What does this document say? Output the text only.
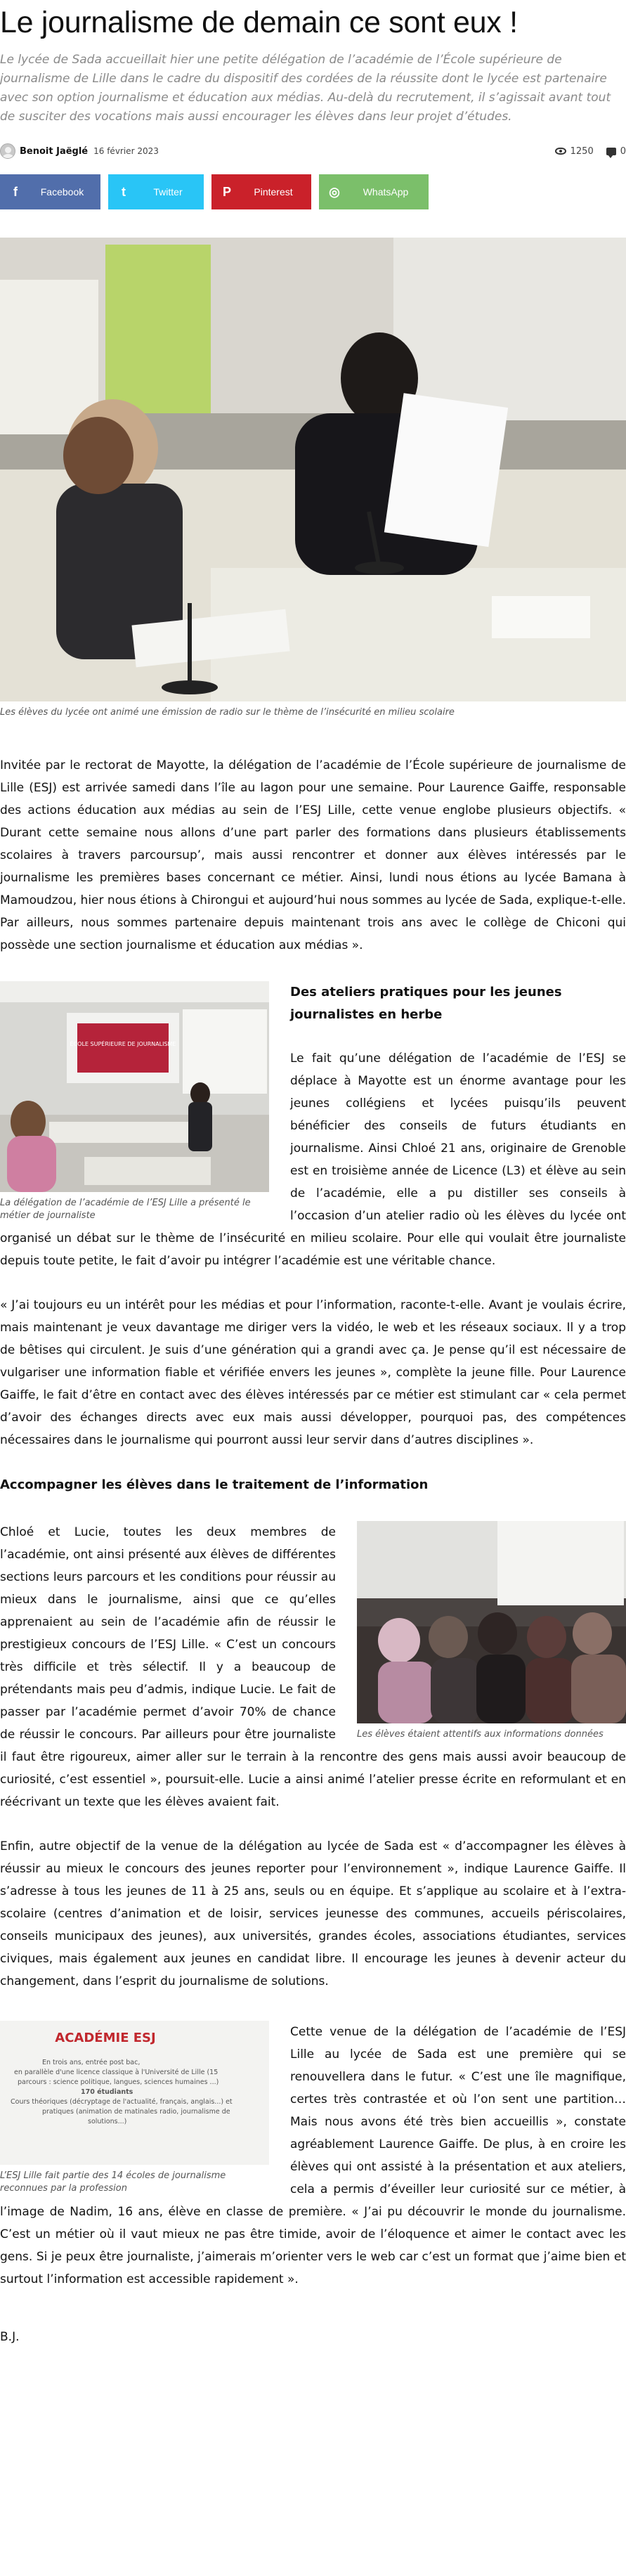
Le journalisme de demain ce sont eux !

Le lycée de Sada accueillait hier une petite délégation de l’académie de l’École supérieure de journalisme de Lille dans le cadre du dispositif des cordées de la réussite dont le lycée est partenaire avec son option journalisme et éducation aux médias. Au-delà du recrutement, il s’agissait avant tout de susciter des vocations mais aussi encourager les élèves dans leur projet d’études.

Benoit Jaëglé 16 février 2023	1250	0
f	Facebook	t	Twitter	P	Pinterest	◎	WhatsApp

Les élèves du lycée ont animé une émission de radio sur le thème de l’insécurité en milieu scolaire

Invitée par le rectorat de Mayotte, la délégation de l’académie de l’École supérieure de journalisme de Lille (ESJ) est arrivée samedi dans l’île au lagon pour une semaine. Pour Laurence Gaiffe, responsable des actions éducation aux médias au sein de l’ESJ Lille, cette venue englobe plusieurs objectifs. « Durant cette semaine nous allons d’une part parler des formations dans plusieurs établissements scolaires à travers parcoursup’, mais aussi rencontrer et donner aux élèves intéressés par le journalisme les premières bases concernant ce métier. Ainsi, lundi nous étions au lycée Bamana à Mamoudzou, hier nous étions à Chirongui et aujourd’hui nous sommes au lycée de Sada, explique-t-elle. Par ailleurs, nous sommes partenaire depuis maintenant trois ans avec le collège de Chiconi qui possède une section journalisme et éducation aux médias ».

ÉCOLE SUPÉRIEURE DE JOURNALISME

La délégation de l’académie de l’ESJ Lille a présenté le métier de journaliste

Des ateliers pratiques pour les jeunes journalistes en herbe

Le fait qu’une délégation de l’académie de l’ESJ se déplace à Mayotte est un énorme avantage pour les jeunes collégiens et lycées puisqu’ils peuvent bénéficier des conseils de futurs étudiants en journalisme. Ainsi Chloé 21 ans, originaire de Grenoble est en troisième année de Licence (L3) et élève au sein de l’académie, elle a pu distiller ses conseils à l’occasion d’un atelier radio où les élèves du lycée ont organisé un débat sur le thème de l’insécurité en milieu scolaire. Pour elle qui voulait être journaliste depuis toute petite, le fait d’avoir pu intégrer l’académie est une véritable chance.

« J’ai toujours eu un intérêt pour les médias et pour l’information, raconte-t-elle. Avant je voulais écrire, mais maintenant je veux davantage me diriger vers la vidéo, le web et les réseaux sociaux. Il y a trop de bêtises qui circulent. Je suis d’une génération qui a grandi avec ça. Je pense qu’il est nécessaire de vulgariser une information fiable et vérifiée envers les jeunes », complète la jeune fille. Pour Laurence Gaiffe, le fait d’être en contact avec des élèves intéressés par ce métier est stimulant car « cela permet d’avoir des échanges directs avec eux mais aussi développer, pourquoi pas, des compétences nécessaires dans le journalisme qui pourront aussi leur servir dans d’autres disciplines ».

Accompagner les élèves dans le traitement de l’information

Les élèves étaient attentifs aux informations données

Chloé et Lucie, toutes les deux membres de l’académie, ont ainsi présenté aux élèves de différentes sections leurs parcours et les conditions pour réussir au mieux dans le journalisme, ainsi que ce qu’elles apprenaient au sein de l’académie afin de réussir le prestigieux concours de l’ESJ Lille. « C’est un concours très difficile et très sélectif. Il y a beaucoup de prétendants mais peu d’admis, indique Lucie. Le fait de passer par l’académie permet d’avoir 70% de chance de réussir le concours. Par ailleurs pour être journaliste il faut être rigoureux, aimer aller sur le terrain à la rencontre des gens mais aussi avoir beaucoup de curiosité, c’est essentiel », poursuit-elle. Lucie a ainsi animé l’atelier presse écrite en reformulant et en réécrivant un texte que les élèves avaient fait.

Enfin, autre objectif de la venue de la délégation au lycée de Sada est « d’accompagner les élèves à réussir au mieux le concours des jeunes reporter pour l’environnement », indique Laurence Gaiffe. Il s’adresse à tous les jeunes de 11 à 25 ans, seuls ou en équipe. Et s’applique au scolaire et à l’extra-scolaire (centres d’animation et de loisir, services jeunesse des communes, accueils périscolaires, conseils municipaux des jeunes), aux universités, grandes écoles, associations étudiantes, services civiques, mais également aux jeunes en candidat libre. Il encourage les jeunes à devenir acteur du changement, dans l’esprit du journalisme de solutions.

ACADÉMIE ESJ
En trois ans, entrée post bac,
en parallèle d'une licence classique à l'Université de Lille (15
parcours : science politique, langues, sciences humaines ...)
170 étudiants
Cours théoriques (décryptage de l'actualité, français, anglais...) et
pratiques (animation de matinales radio, journalisme de
solutions...)

L’ESJ Lille fait partie des 14 écoles de journalisme reconnues par la profession

Cette venue de la délégation de l’académie de l’ESJ Lille au lycée de Sada est une première qui se renouvellera dans le futur. « C’est une île magnifique, certes très contrastée et où l’on sent une partition… Mais nous avons été très bien accueillis », constate agréablement Laurence Gaiffe. De plus, à en croire les élèves qui ont assisté à la présentation et aux ateliers, cela a permis d’éveiller leur curiosité sur ce métier, à l’image de Nadim, 16 ans, élève en classe de première. « J’ai pu découvrir le monde du journalisme. C’est un métier où il vaut mieux ne pas être timide, avoir de l’éloquence et aimer le contact avec les gens. Si je peux être journaliste, j’aimerais m’orienter vers le web car c’est un format que j’aime bien et surtout l’information est accessible rapidement ».

B.J.
